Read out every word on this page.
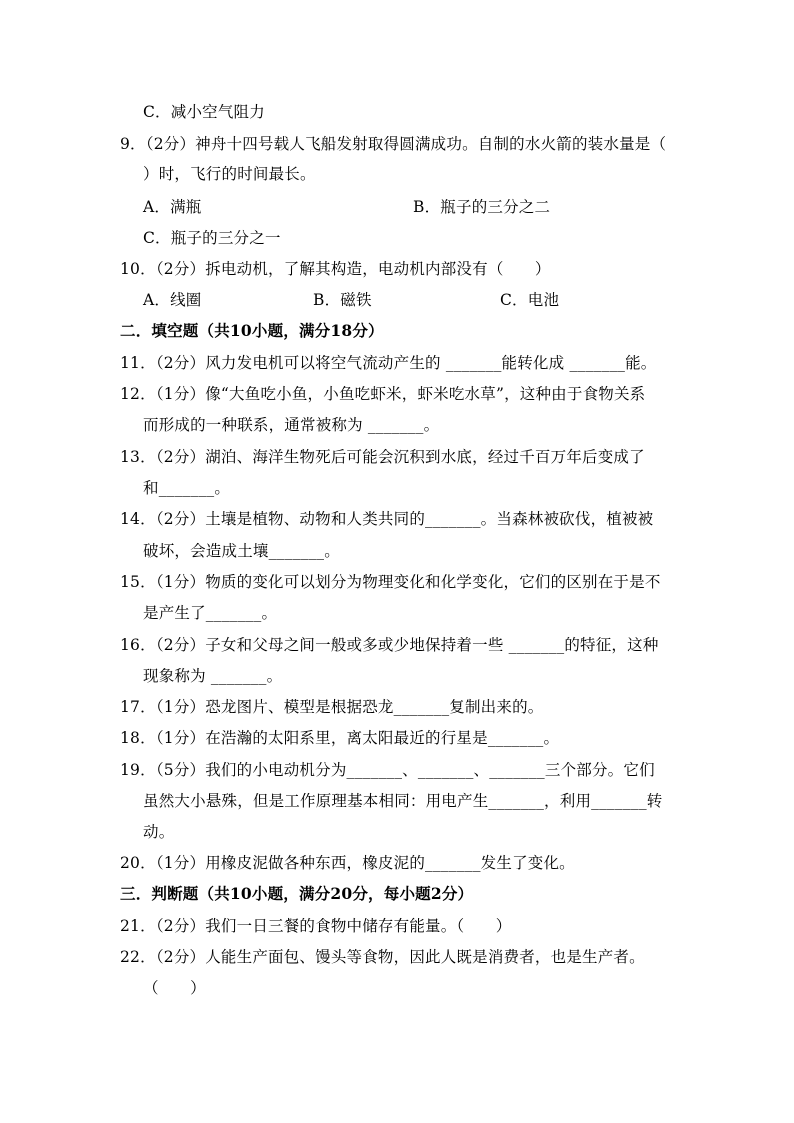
C．减小空气阻力
9．（2分）神舟十四号载人飞船发射取得圆满成功。自制的水火箭的装水量是（
）时，飞行的时间最长。
A．满瓶	B．瓶子的三分之二
C．瓶子的三分之一
10．（2分）拆电动机，了解其构造，电动机内部没有（　　）
A．线圈	B．磁铁	C．电池
二．填空题（共10小题，满分18分）
11．（2分）风力发电机可以将空气流动产生的 _______能转化成 _______能。
12．（1分）像“大鱼吃小鱼，小鱼吃虾米，虾米吃水草”，这种由于食物关系
而形成的一种联系，通常被称为 _______。
13．（2分）湖泊、海洋生物死后可能会沉积到水底，经过千百万年后变成了
和_______。
14．（2分）土壤是植物、动物和人类共同的_______。当森林被砍伐，植被被
破坏，会造成土壤_______。
15．（1分）物质的变化可以划分为物理变化和化学变化，它们的区别在于是不
是产生了_______。
16．（2分）子女和父母之间一般或多或少地保持着一些 _______的特征，这种
现象称为 _______。
17．（1分）恐龙图片、模型是根据恐龙_______复制出来的。
18．（1分）在浩瀚的太阳系里，离太阳最近的行星是_______。
19．（5分）我们的小电动机分为_______、_______、_______三个部分。它们
虽然大小悬殊，但是工作原理基本相同：用电产生_______，利用_______转
动。
20．（1分）用橡皮泥做各种东西，橡皮泥的_______发生了变化。
三．判断题（共10小题，满分20分，每小题2分）
21．（2分）我们一日三餐的食物中储存有能量。（　　）
22．（2分）人能生产面包、馒头等食物，因此人既是消费者，也是生产者。
（　　）
